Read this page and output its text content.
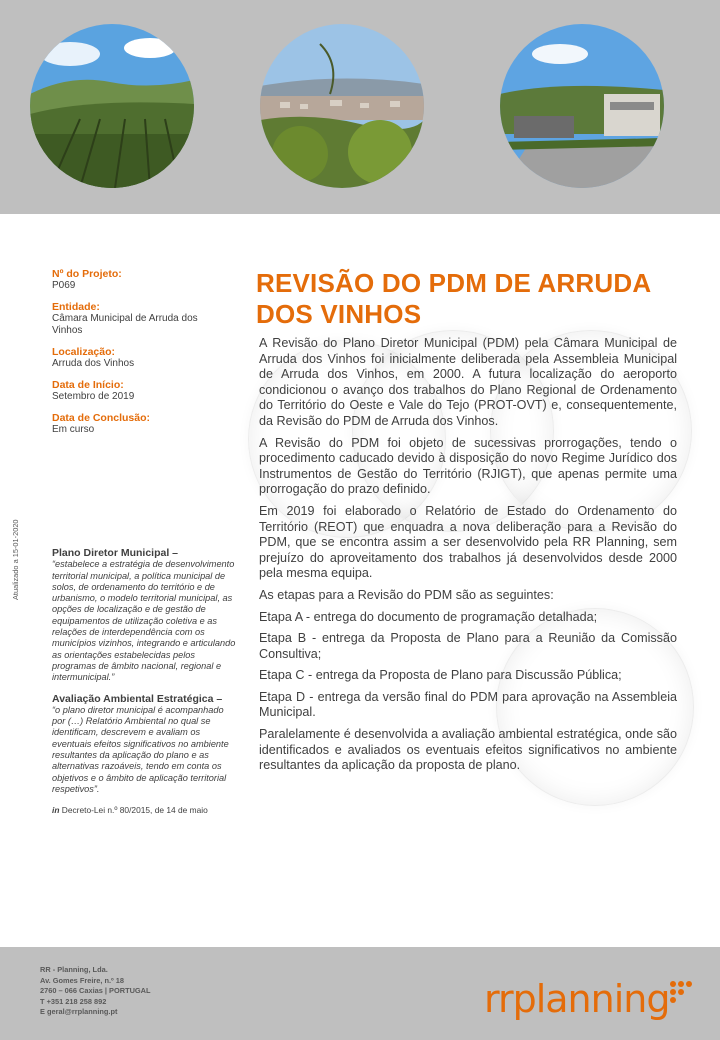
Nº do Projeto:
P069
Entidade:
Câmara Municipal de Arruda dos Vinhos
Localização:
Arruda dos Vinhos
Data de Início:
Setembro de 2019
Data de Conclusão:
Em curso
Atualizado a 15-01-2020	Plano Diretor Municipal –
“estabelece a estratégia de desenvolvimento territorial municipal, a política municipal de solos, de ordenamento do território e de urbanismo, o modelo territorial municipal, as opções de localização e de gestão de equipamentos de utilização coletiva e as relações de interdependência com os municípios vizinhos, integrando e articulando as orientações estabelecidas pelos programas de âmbito nacional, regional e intermunicipal.”
Avaliação Ambiental Estratégica –
“o plano diretor municipal é acompanhado por (…) Relatório Ambiental no qual se identificam, descrevem e avaliam os eventuais efeitos significativos no ambiente resultantes da aplicação do plano e as alternativas razoáveis, tendo em conta os objetivos e o âmbito de aplicação territorial respetivos”.
in Decreto-Lei n.º 80/2015, de 14 de maio
REVISÃO DO PDM DE ARRUDA DOS VINHOS

A Revisão do Plano Diretor Municipal (PDM) pela Câmara Municipal de Arruda dos Vinhos foi inicialmente deliberada pela Assembleia Municipal de Arruda dos Vinhos, em 2000. A futura localização do aeroporto condicionou o avanço dos trabalhos do Plano Regional de Ordenamento do Território do Oeste e Vale do Tejo (PROT-OVT) e, consequentemente, da Revisão do PDM de Arruda dos Vinhos.

A Revisão do PDM foi objeto de sucessivas prorrogações, tendo o procedimento caducado devido à disposição do novo Regime Jurídico dos Instrumentos de Gestão do Território (RJIGT), que apenas permite uma prorrogação do prazo definido.

Em 2019 foi elaborado o Relatório de Estado do Ordenamento do Território (REOT) que enquadra a nova deliberação para a Revisão do PDM, que se encontra assim a ser desenvolvido pela RR Planning, sem prejuízo do aproveitamento dos trabalhos já desenvolvidos desde 2000 pela mesma equipa.

As etapas para a Revisão do PDM são as seguintes:

Etapa A - entrega do documento de programação detalhada;

Etapa B - entrega da Proposta de Plano para a Reunião da Comissão Consultiva;

Etapa C - entrega da Proposta de Plano para Discussão Pública;

Etapa D - entrega da versão final do PDM para aprovação na Assembleia Municipal.

Paralelamente é desenvolvida a avaliação ambiental estratégica, onde são identificados e avaliados os eventuais efeitos significativos no ambiente resultantes da aplicação da proposta de plano.

RR - Planning, Lda.
Av. Gomes Freire, n.º 18
2760 – 066 Caxias | PORTUGAL
T +351 218 258 892
E geral@rrplanning.pt	rrplanning
